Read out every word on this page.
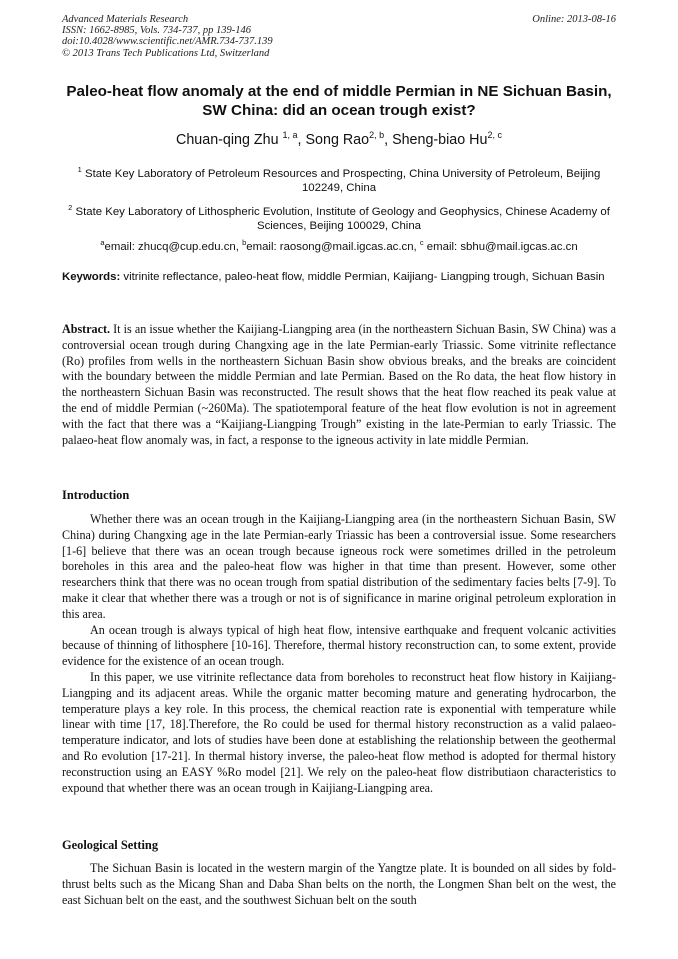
Advanced Materials Research
ISSN: 1662-8985, Vols. 734-737, pp 139-146
doi:10.4028/www.scientific.net/AMR.734-737.139
© 2013 Trans Tech Publications Ltd, Switzerland
Online: 2013-08-16
Paleo-heat flow anomaly at the end of middle Permian in NE Sichuan Basin, SW China: did an ocean trough exist?
Chuan-qing Zhu $^{1, a}$, Song Rao$^{2, b}$, Sheng-biao Hu$^{2, c}$
$^1$ State Key Laboratory of Petroleum Resources and Prospecting, China University of Petroleum, Beijing 102249, China
$^2$ State Key Laboratory of Lithospheric Evolution, Institute of Geology and Geophysics, Chinese Academy of Sciences, Beijing 100029, China
$^a$email: zhucq@cup.edu.cn, $^b$email: raosong@mail.igcas.ac.cn, $^c$ email: sbhu@mail.igcas.ac.cn
Keywords: vitrinite reflectance, paleo-heat flow, middle Permian, Kaijiang- Liangping trough, Sichuan Basin

Abstract. It is an issue whether the Kaijiang-Liangping area (in the northeastern Sichuan Basin, SW China) was a controversial ocean trough during Changxing age in the late Permian-early Triassic. Some vitrinite reflectance (Ro) profiles from wells in the northeastern Sichuan Basin show obvious breaks, and the breaks are coincident with the boundary between the middle Permian and late Permian. Based on the Ro data, the heat flow history in the northeastern Sichuan Basin was reconstructed. The result shows that the heat flow reached its peak value at the end of middle Permian (~260Ma). The spatiotemporal feature of the heat flow evolution is not in agreement with the fact that there was a “Kaijiang-Liangping Trough” existing in the late-Permian to early Triassic. The palaeo-heat flow anomaly was, in fact, a response to the igneous activity in late middle Permian.

Introduction

Whether there was an ocean trough in the Kaijiang-Liangping area (in the northeastern Sichuan Basin, SW China) during Changxing age in the late Permian-early Triassic has been a controversial issue. Some researchers [1-6] believe that there was an ocean trough because igneous rock were sometimes drilled in the petroleum boreholes in this area and the paleo-heat flow was higher in that time than present. However, some other researchers think that there was no ocean trough from spatial distribution of the sedimentary facies belts [7-9]. To make it clear that whether there was a trough or not is of significance in marine original petroleum exploration in this area.

An ocean trough is always typical of high heat flow, intensive earthquake and frequent volcanic activities because of thinning of lithosphere [10-16]. Therefore, thermal history reconstruction can, to some extent, provide evidence for the existence of an ocean trough.

In this paper, we use vitrinite reflectance data from boreholes to reconstruct heat flow history in Kaijiang-Liangping and its adjacent areas. While the organic matter becoming mature and generating hydrocarbon, the temperature plays a key role. In this process, the chemical reaction rate is exponential with temperature while linear with time [17, 18].Therefore, the Ro could be used for thermal history reconstruction as a valid palaeo-temperature indicator, and lots of studies have been done at establishing the relationship between the geothermal and Ro evolution [17-21]. In thermal history inverse, the paleo-heat flow method is adopted for thermal history reconstruction using an EASY %Ro model [21]. We rely on the paleo-heat flow distributiaon characteristics to expound that whether there was an ocean trough in Kaijiang-Liangping area.

Geological Setting

The Sichuan Basin is located in the western margin of the Yangtze plate. It is bounded on all sides by fold-thrust belts such as the Micang Shan and Daba Shan belts on the north, the Longmen Shan belt on the west, the east Sichuan belt on the east, and the southwest Sichuan belt on the south
